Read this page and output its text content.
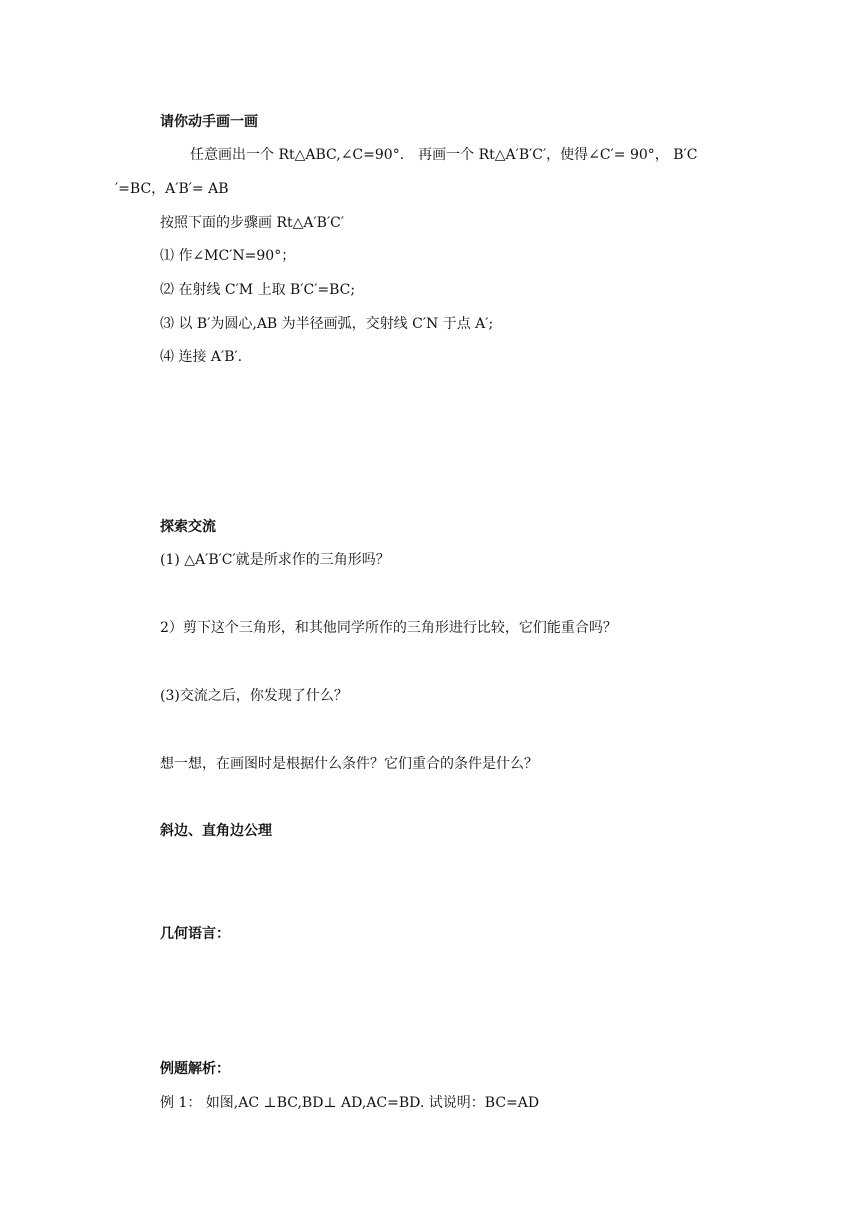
请你动手画一画
任意画出一个 Rt△ABC,∠C=90°． 再画一个 Rt△A′B′C′，使得∠C′= 90°， B′C
′=BC，A′B′= AB
按照下面的步骤画 Rt△A′B′C′
⑴ 作∠MC′N=90°；
⑵ 在射线 C′M 上取 B′C′=BC;
⑶ 以 B′为圆心,AB 为半径画弧，交射线 C′N 于点 A′;
⑷ 连接 A′B′.
探索交流
(1) △A′B′C′就是所求作的三角形吗？
2）剪下这个三角形，和其他同学所作的三角形进行比较，它们能重合吗？
(3)交流之后，你发现了什么？
想一想，在画图时是根据什么条件？它们重合的条件是什么？
斜边、直角边公理
几何语言：
例题解析：
例 1： 如图,AC ⊥BC,BD⊥ AD,AC=BD. 试说明：BC=AD
